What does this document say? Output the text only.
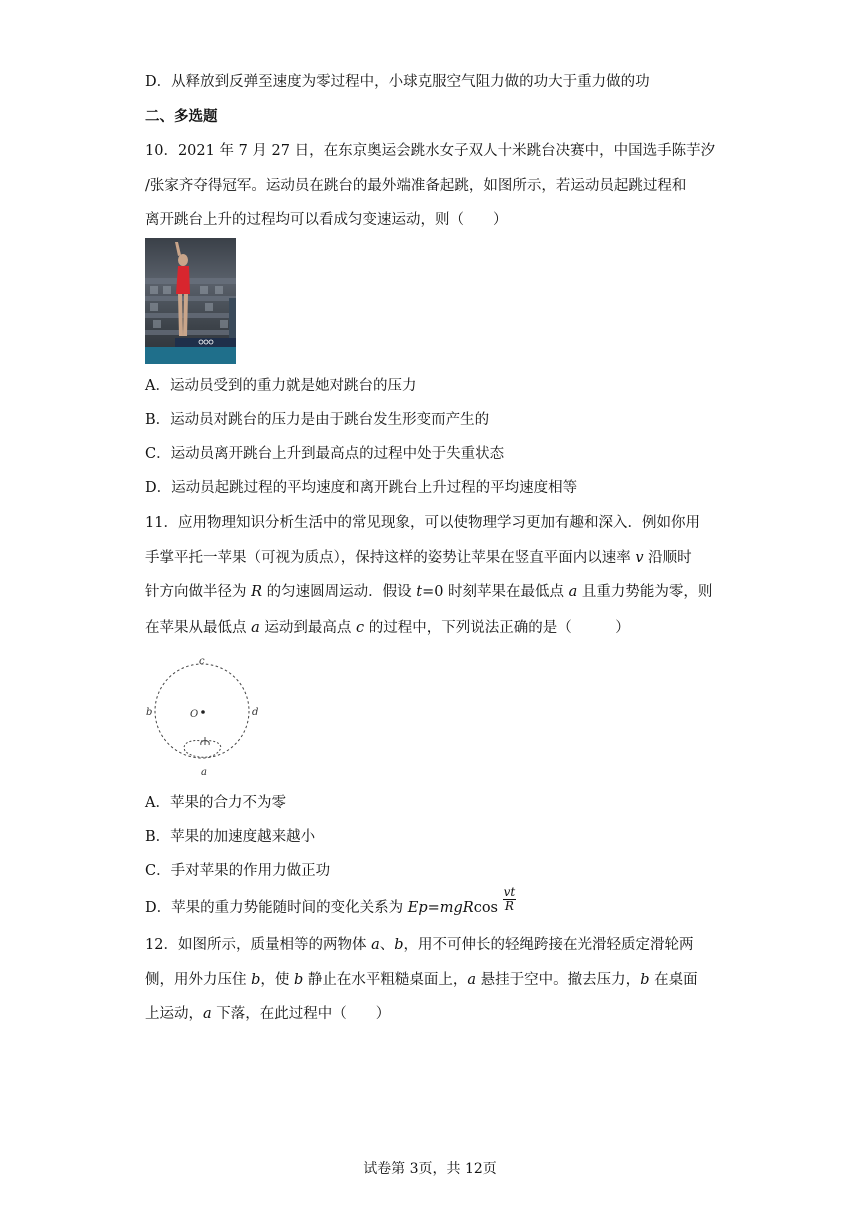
D．从释放到反弹至速度为零过程中，小球克服空气阻力做的功大于重力做的功
二、多选题
10．2021 年 7 月 27 日，在东京奥运会跳水女子双人十米跳台决赛中，中国选手陈芋汐
/张家齐夺得冠军。运动员在跳台的最外端准备起跳，如图所示，若运动员起跳过程和
离开跳台上升的过程均可以看成匀变速运动，则（　　）
A．运动员受到的重力就是她对跳台的压力
B．运动员对跳台的压力是由于跳台发生形变而产生的
C．运动员离开跳台上升到最高点的过程中处于失重状态
D．运动员起跳过程的平均速度和离开跳台上升过程的平均速度相等
11．应用物理知识分析生活中的常见现象，可以使物理学习更加有趣和深入．例如你用
手掌平托一苹果（可视为质点），保持这样的姿势让苹果在竖直平面内以速率 v 沿顺时
针方向做半径为 R 的匀速圆周运动．假设 t=0 时刻苹果在最低点 a 且重力势能为零，则
在苹果从最低点 a 运动到最高点 c 的过程中，下列说法正确的是（　　　）
c
b	d
O
a
A．苹果的合力不为零
B．苹果的加速度越来越小
C．手对苹果的作用力做正功
D．苹果的重力势能随时间的变化关系为 $Ep=mgRcos \frac{vt}{R}$
12．如图所示，质量相等的两物体 a、b，用不可伸长的轻绳跨接在光滑轻质定滑轮两
侧，用外力压住 b，使 b 静止在水平粗糙桌面上，a 悬挂于空中。撤去压力，b 在桌面
上运动，a 下落，在此过程中（　　）
试卷第 3页，共 12页
